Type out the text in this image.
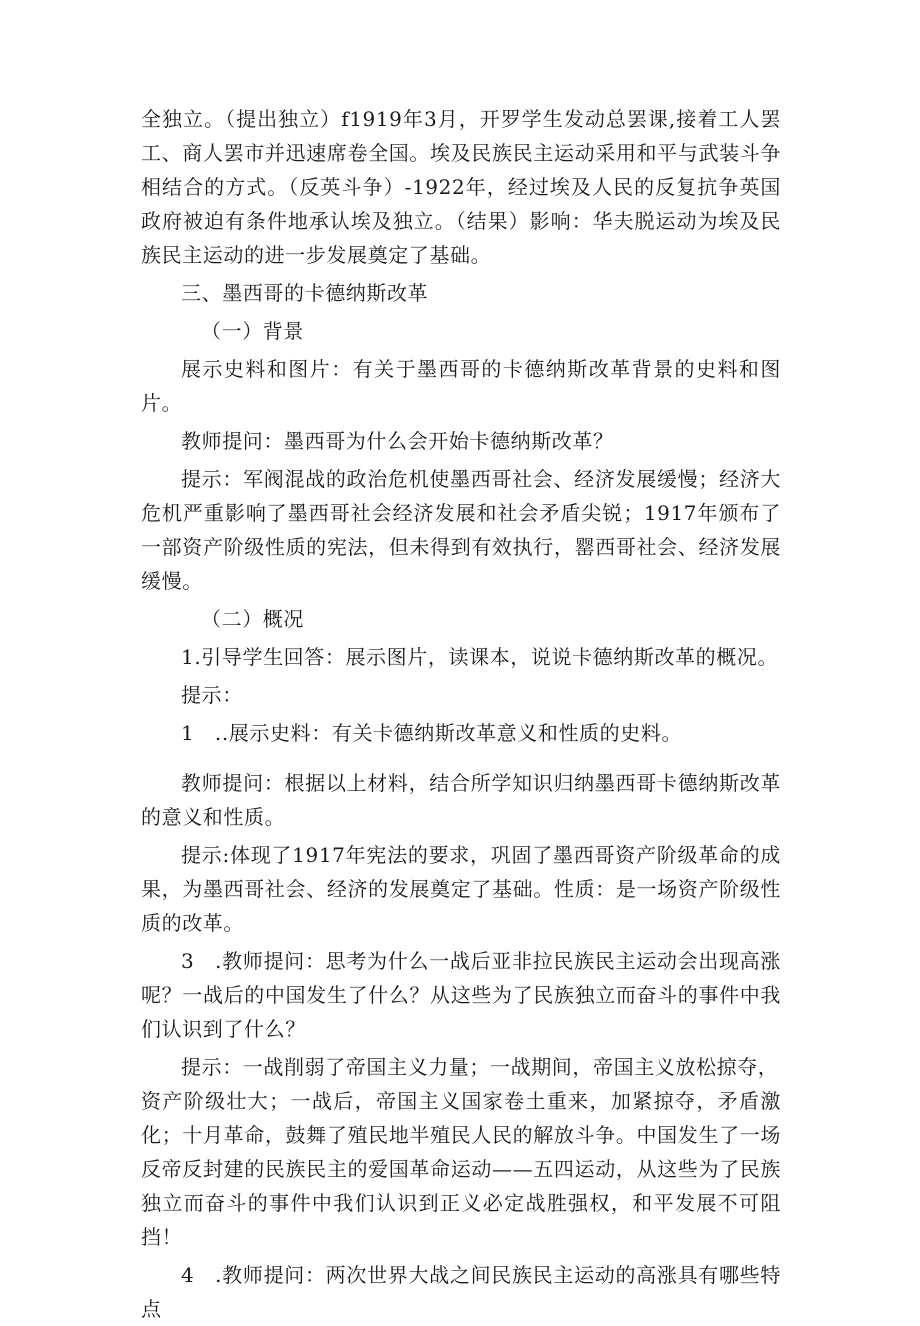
全独立。（提出独立）f1919年3月，开罗学生发动总罢课,接着工人罢工、商人罢市并迅速席卷全国。埃及民族民主运动采用和平与武装斗争相结合的方式。（反英斗争）-1922年，经过埃及人民的反复抗争英国政府被迫有条件地承认埃及独立。（结果）影响：华夫脱运动为埃及民族民主运动的进一步发展奠定了基础。

三、墨西哥的卡德纳斯改革

（一）背景

展示史料和图片：有关于墨西哥的卡德纳斯改革背景的史料和图片。

教师提问：墨西哥为什么会开始卡德纳斯改革？

提示：军阀混战的政治危机使墨西哥社会、经济发展缓慢；经济大危机严重影响了墨西哥社会经济发展和社会矛盾尖锐；1917年颁布了一部资产阶级性质的宪法，但未得到有效执行，罂西哥社会、经济发展缓慢。

（二）概况

1.引导学生回答：展示图片，读课本，说说卡德纳斯改革的概况。

提示：

1　..展示史料：有关卡德纳斯改革意义和性质的史料。

教师提问：根据以上材料，结合所学知识归纳墨西哥卡德纳斯改革的意义和性质。

提示:体现了1917年宪法的要求，巩固了墨西哥资产阶级革命的成果，为墨西哥社会、经济的发展奠定了基础。性质：是一场资产阶级性质的改革。

3　.教师提问：思考为什么一战后亚非拉民族民主运动会出现高涨呢？一战后的中国发生了什么？从这些为了民族独立而奋斗的事件中我们认识到了什么？

提示：一战削弱了帝国主义力量；一战期间，帝国主义放松掠夺，

资产阶级壮大；一战后，帝国主义国家卷土重来，加紧掠夺，矛盾激化；十月革命，鼓舞了殖民地半殖民人民的解放斗争。中国发生了一场反帝反封建的民族民主的爱国革命运动——五四运动，从这些为了民族独立而奋斗的事件中我们认识到正义必定战胜强权，和平发展不可阻挡！

4　.教师提问：两次世界大战之间民族民主运动的高涨具有哪些特点
